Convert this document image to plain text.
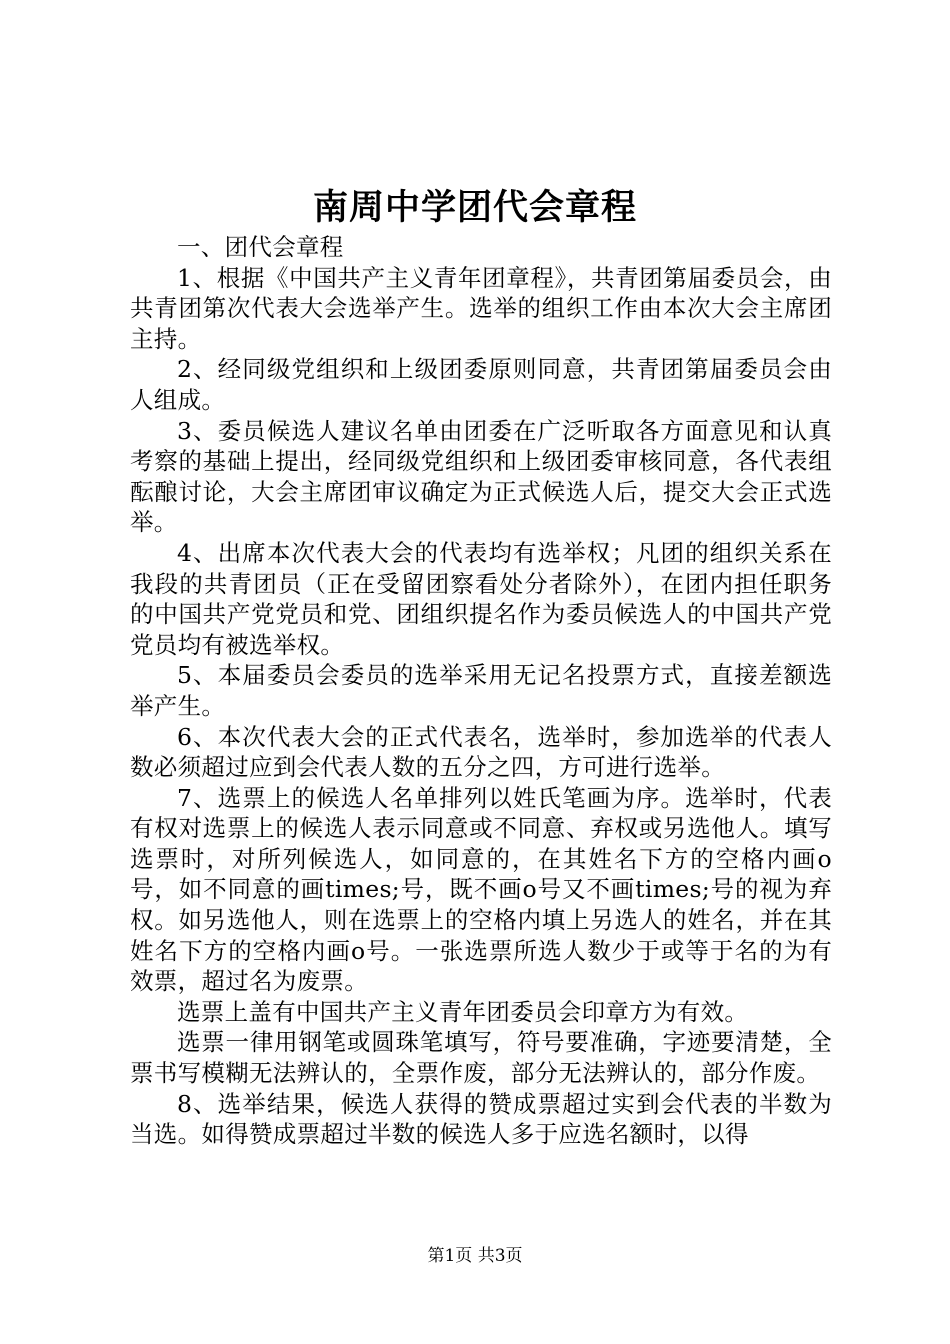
南周中学团代会章程

一、团代会章程

1、根据《中国共产主义青年团章程》，共青团第届委员会，由共青团第次代表大会选举产生。选举的组织工作由本次大会主席团主持。

2、经同级党组织和上级团委原则同意，共青团第届委员会由人组成。

3、委员候选人建议名单由团委在广泛听取各方面意见和认真考察的基础上提出，经同级党组织和上级团委审核同意，各代表组酝酿讨论，大会主席团审议确定为正式候选人后，提交大会正式选举。

4、出席本次代表大会的代表均有选举权；凡团的组织关系在我段的共青团员（正在受留团察看处分者除外），在团内担任职务的中国共产党党员和党、团组织提名作为委员候选人的中国共产党党员均有被选举权。

5、本届委员会委员的选举采用无记名投票方式，直接差额选举产生。

6、本次代表大会的正式代表名，选举时，参加选举的代表人数必须超过应到会代表人数的五分之四，方可进行选举。

7、选票上的候选人名单排列以姓氏笔画为序。选举时，代表有权对选票上的候选人表示同意或不同意、弃权或另选他人。填写选票时，对所列候选人，如同意的，在其姓名下方的空格内画o号，如不同意的画times;号，既不画o号又不画times;号的视为弃权。如另选他人，则在选票上的空格内填上另选人的姓名，并在其姓名下方的空格内画o号。一张选票所选人数少于或等于名的为有效票，超过名为废票。

选票上盖有中国共产主义青年团委员会印章方为有效。

选票一律用钢笔或圆珠笔填写，符号要准确，字迹要清楚，全票书写模糊无法辨认的，全票作废，部分无法辨认的，部分作废。

8、选举结果，候选人获得的赞成票超过实到会代表的半数为当选。如得赞成票超过半数的候选人多于应选名额时，以得

第1页 共3页
